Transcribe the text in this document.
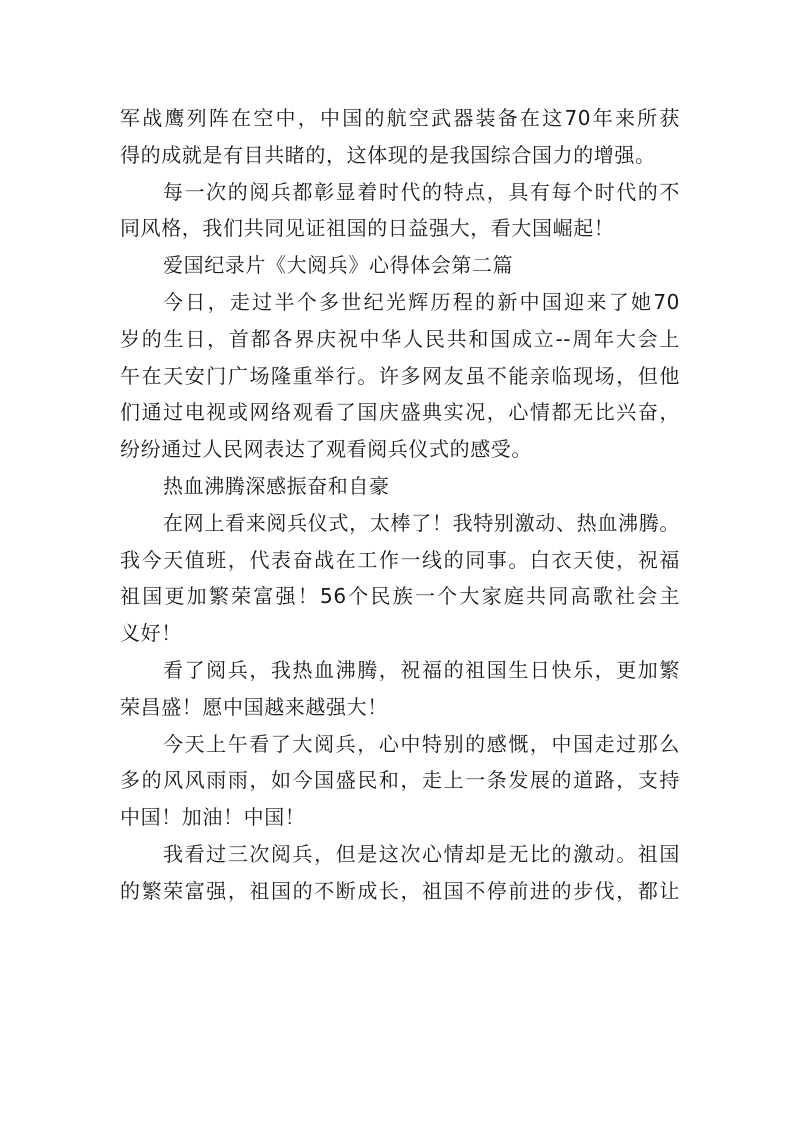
军战鹰列阵在空中，中国的航空武器装备在这70年来所获
得的成就是有目共睹的，这体现的是我国综合国力的增强。
每一次的阅兵都彰显着时代的特点，具有每个时代的不
同风格，我们共同见证祖国的日益强大，看大国崛起！
爱国纪录片《大阅兵》心得体会第二篇
今日，走过半个多世纪光辉历程的新中国迎来了她70
岁的生日，首都各界庆祝中华人民共和国成立--周年大会上
午在天安门广场隆重举行。许多网友虽不能亲临现场，但他
们通过电视或网络观看了国庆盛典实况，心情都无比兴奋，
纷纷通过人民网表达了观看阅兵仪式的感受。
热血沸腾深感振奋和自豪
在网上看来阅兵仪式，太棒了！我特别激动、热血沸腾。
我今天值班，代表奋战在工作一线的同事。白衣天使，祝福
祖国更加繁荣富强！56个民族一个大家庭共同高歌社会主
义好！
看了阅兵，我热血沸腾，祝福的祖国生日快乐，更加繁
荣昌盛！愿中国越来越强大！
今天上午看了大阅兵，心中特别的感慨，中国走过那么
多的风风雨雨，如今国盛民和，走上一条发展的道路，支持
中国！加油！中国！
我看过三次阅兵，但是这次心情却是无比的激动。祖国
的繁荣富强，祖国的不断成长，祖国不停前进的步伐，都让
